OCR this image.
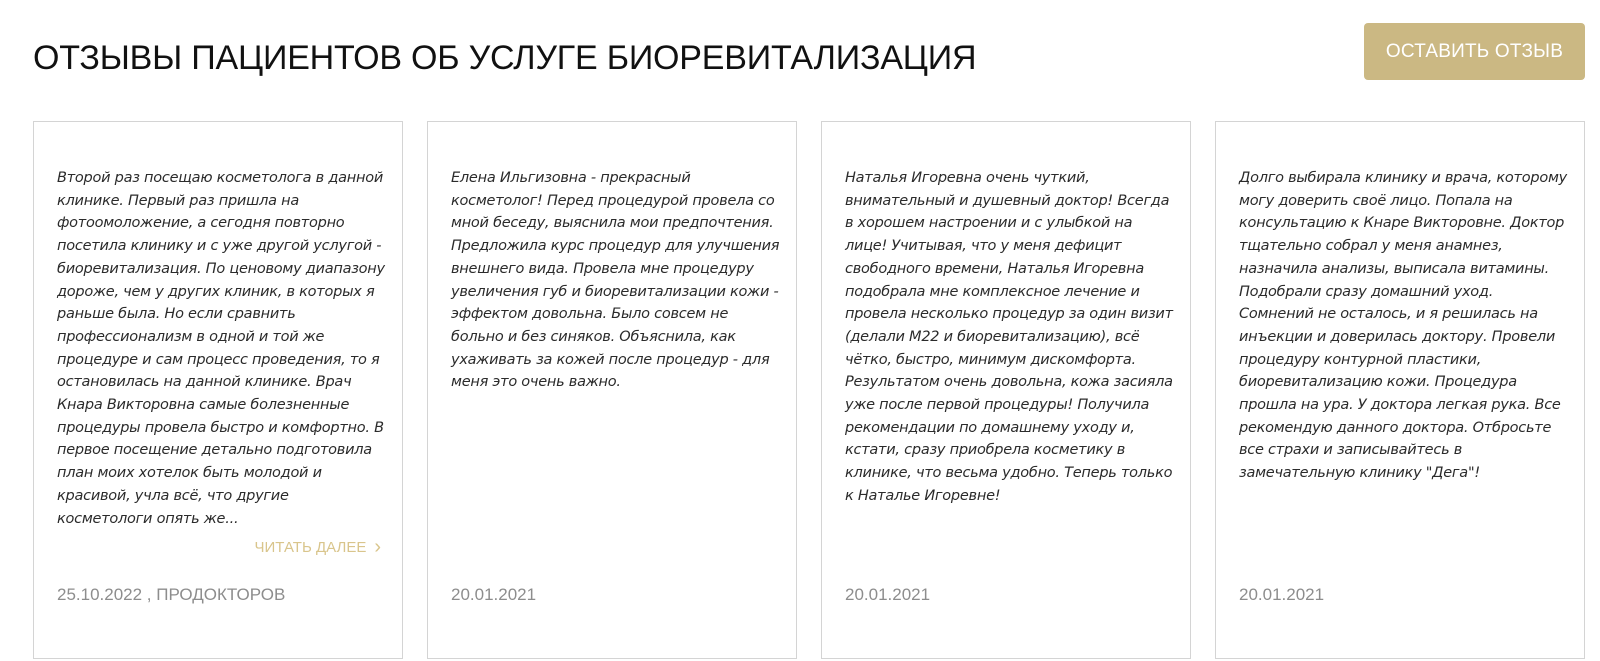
ОТЗЫВЫ ПАЦИЕНТОВ ОБ УСЛУГЕ БИОРЕВИТАЛИЗАЦИЯ	ОСТАВИТЬ ОТЗЫВ

Второй раз посещаю косметолога в данной клинике. Первый раз пришла на фотоомоложение, а сегодня повторно посетила клинику и с уже другой услугой - биоревитализация. По ценовому диапазону дороже, чем у других клиник, в которых я раньше была. Но если сравнить профессионализм в одной и той же процедуре и сам процесс проведения, то я остановилась на данной клинике. Врач Кнара Викторовна самые болезненные процедуры провела быстро и комфортно. В первое посещение детально подготовила план моих хотелок быть молодой и красивой, учла всё, что другие косметологи опять же...

ЧИТАТЬ ДАЛЕЕ ›
25.10.2022 , ПРОДОКТОРОВ

Елена Ильгизовна - прекрасный косметолог! Перед процедурой провела со мной беседу, выяснила мои предпочтения. Предложила курс процедур для улучшения внешнего вида. Провела мне процедуру увеличения губ и биоревитализации кожи - эффектом довольна. Было совсем не больно и без синяков. Объяснила, как ухаживать за кожей после процедур - для меня это очень важно.

20.01.2021

Наталья Игоревна очень чуткий, внимательный и душевный доктор! Всегда в хорошем настроении и с улыбкой на лице! Учитывая, что у меня дефицит свободного времени, Наталья Игоревна подобрала мне комплексное лечение и провела несколько процедур за один визит (делали М22 и биоревитализацию), всё чётко, быстро, минимум дискомфорта. Результатом очень довольна, кожа засияла уже после первой процедуры! Получила рекомендации по домашнему уходу и, кстати, сразу приобрела косметику в клинике, что весьма удобно. Теперь только к Наталье Игоревне!

20.01.2021

Долго выбирала клинику и врача, которому могу доверить своё лицо. Попала на консультацию к Кнаре Викторовне. Доктор тщательно собрал у меня анамнез, назначила анализы, выписала витамины. Подобрали сразу домашний уход. Сомнений не осталось, и я решилась на инъекции и доверилась доктору. Провели процедуру контурной пластики, биоревитализацию кожи. Процедура прошла на ура. У доктора легкая рука. Все рекомендую данного доктора. Отбросьте все страхи и записывайтесь в замечательную клинику "Дега"!

20.01.2021
